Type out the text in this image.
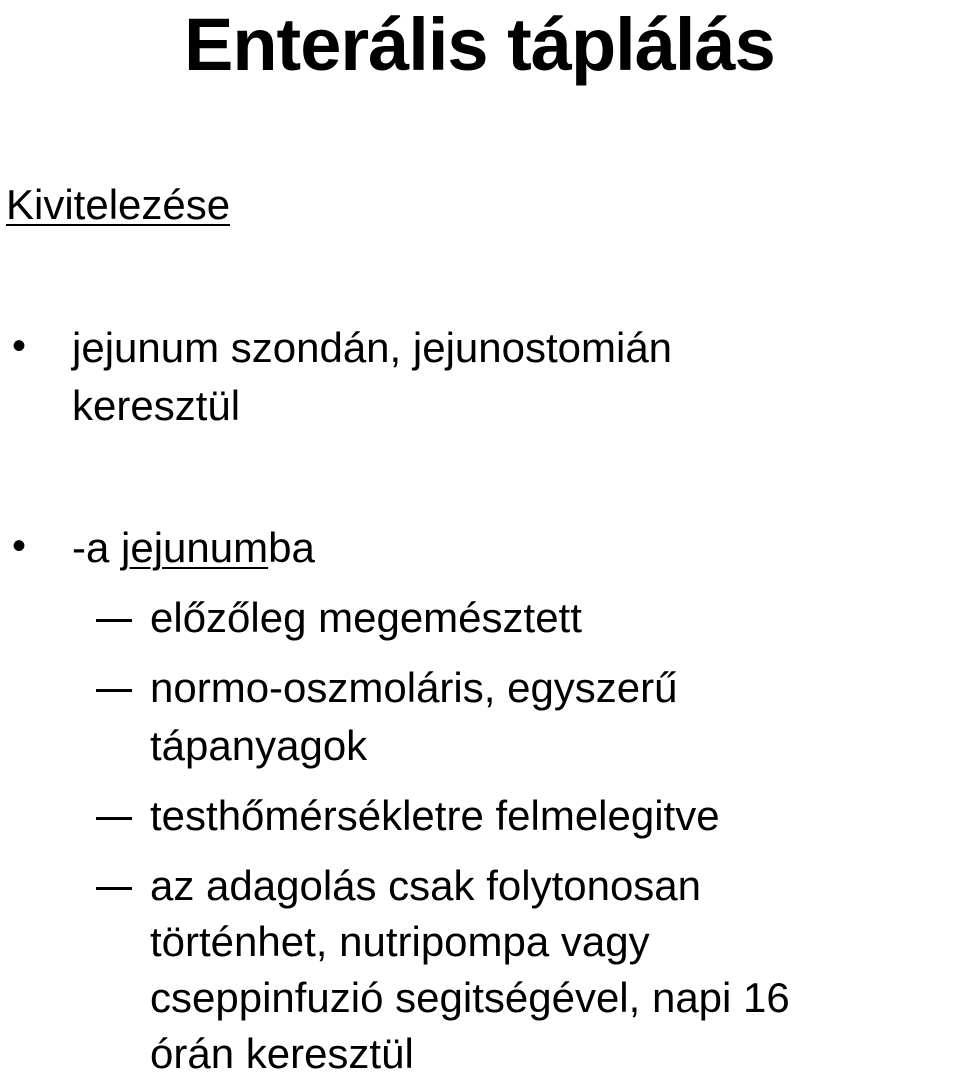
Enterális táplálás
Kivitelezése
• jejunum szondán, jejunostomián
keresztül
• -a jejunumba
előzőleg megemésztett
normo-oszmoláris, egyszerű
tápanyagok
testhőmérsékletre felmelegitve
az adagolás csak folytonosan
történhet, nutripompa vagy
cseppinfuzió segitségével, napi 16
órán keresztül
